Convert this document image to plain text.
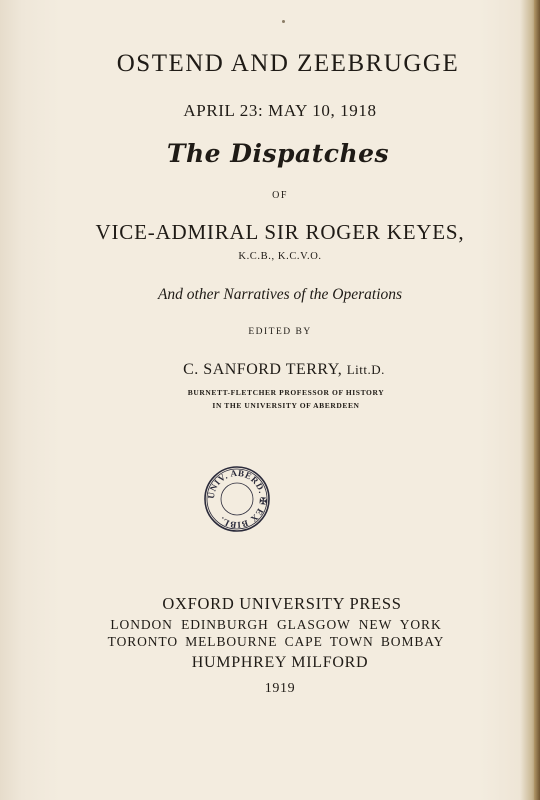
OSTEND AND ZEEBRUGGE
APRIL 23: MAY 10, 1918
The Dispatches
OF
VICE-ADMIRAL SIR ROGER KEYES,
K.C.B., K.C.V.O.
And other Narratives of the Operations
EDITED BY
C. SANFORD TERRY, Litt.D.
BURNETT-FLETCHER PROFESSOR OF HISTORY
IN THE UNIVERSITY OF ABERDEEN
UNIV. ABERD. ✠ EX BIBL.
OXFORD UNIVERSITY PRESS
LONDON EDINBURGH GLASGOW NEW YORK
TORONTO MELBOURNE CAPE TOWN BOMBAY
HUMPHREY MILFORD
1919
